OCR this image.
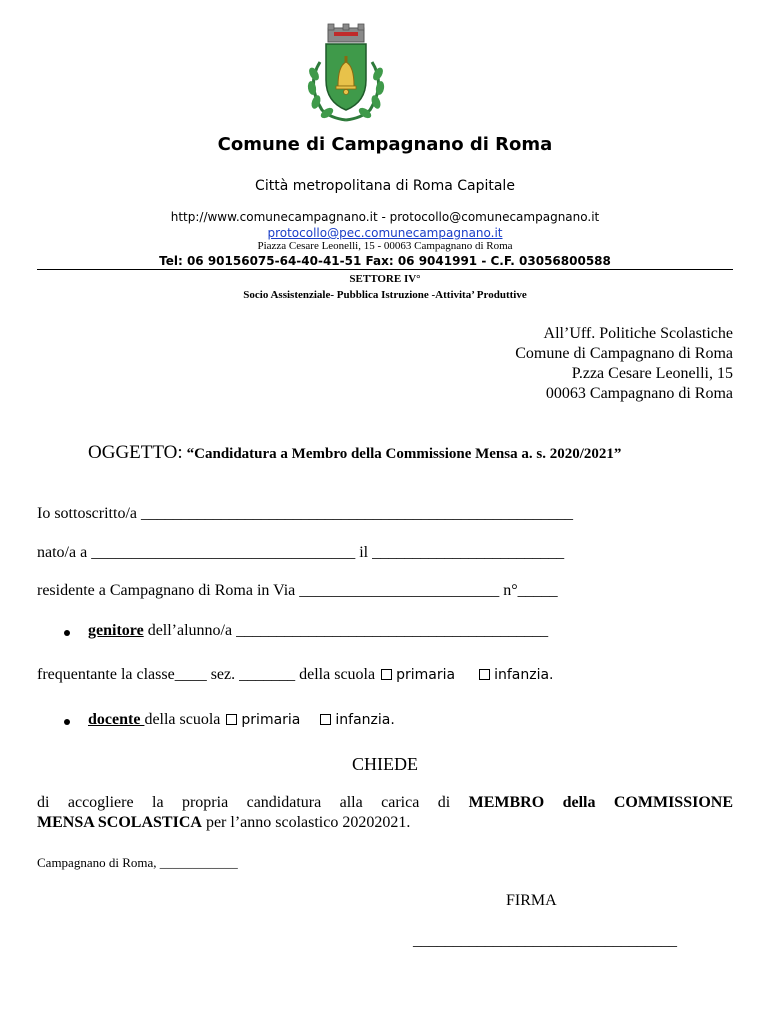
Comune di Campagnano di Roma
Città metropolitana di Roma Capitale
http://www.comunecampagnano.it - protocollo@comunecampagnano.it
protocollo@pec.comunecampagnano.it
Piazza Cesare Leonelli, 15 - 00063 Campagnano di Roma
Tel: 06 90156075-64-40-41-51 Fax: 06 9041991 - C.F. 03056800588
SETTORE IV°
Socio Assistenziale- Pubblica Istruzione -Attivita’ Produttive
All’Uff. Politiche Scolastiche
Comune di Campagnano di Roma
P.zza Cesare Leonelli, 15
00063 Campagnano di Roma
OGGETTO: “Candidatura a Membro della Commissione Mensa a. s. 2020/2021”
Io sottoscritto/a ______________________________________________________
nato/a a _________________________________ il ________________________
residente a Campagnano di Roma in Via _________________________ n°_____
genitore dell’alunno/a _______________________________________
frequentante la classe____ sez. _______ della scuola primaria	infanzia.
docente della scuola primaria	infanzia.
CHIEDE
di accogliere la propria candidatura alla carica di MEMBRO della COMMISSIONE
MENSA SCOLASTICA per l’anno scolastico 20202021.
Campagnano di Roma, ____________
FIRMA
_________________________________
